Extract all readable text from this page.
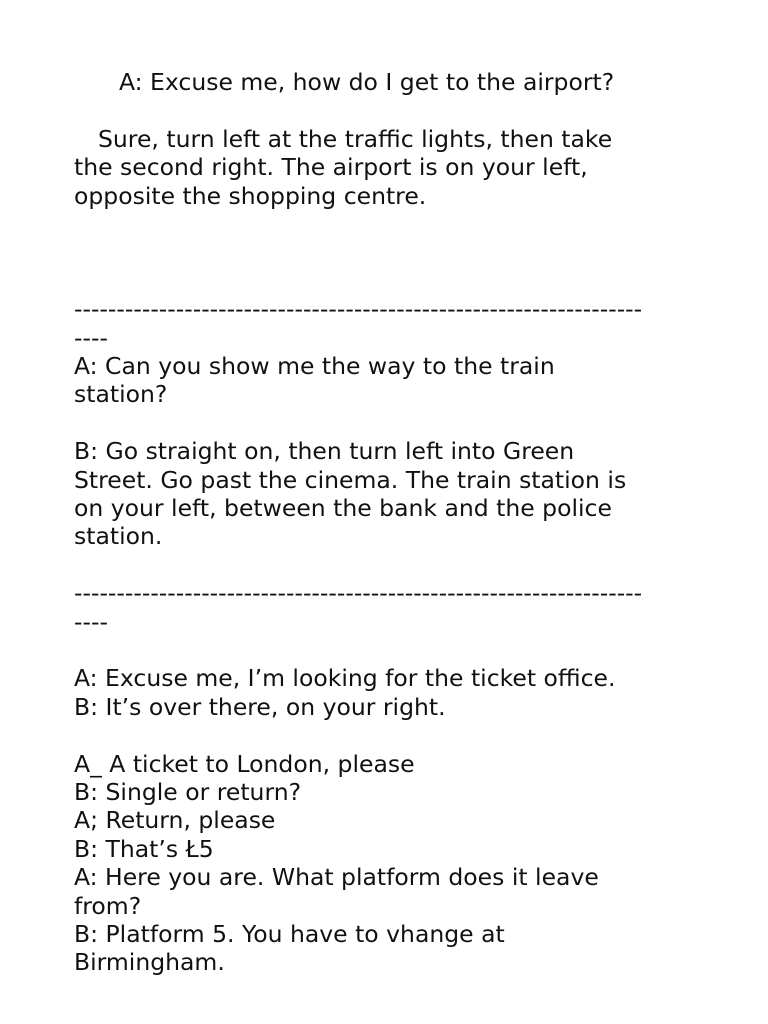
A: Excuse me, how do I get to the airport?
Sure, turn left at the traffic lights, then take
the second right. The airport is on your left,
opposite the shopping centre.
-------------------------------------------------------------------
----
A: Can you show me the way to the train
station?
B: Go straight on, then turn left into Green
Street. Go past the cinema. The train station is
on your left, between the bank and the police
station.
-------------------------------------------------------------------
----
A: Excuse me, I’m looking for the ticket office.
B: It’s over there, on your right.
A_ A ticket to London, please
B: Single or return?
A; Return, please
B: That’s Ł5
A: Here you are. What platform does it leave
from?
B: Platform 5. You have to vhange at
Birmingham.
